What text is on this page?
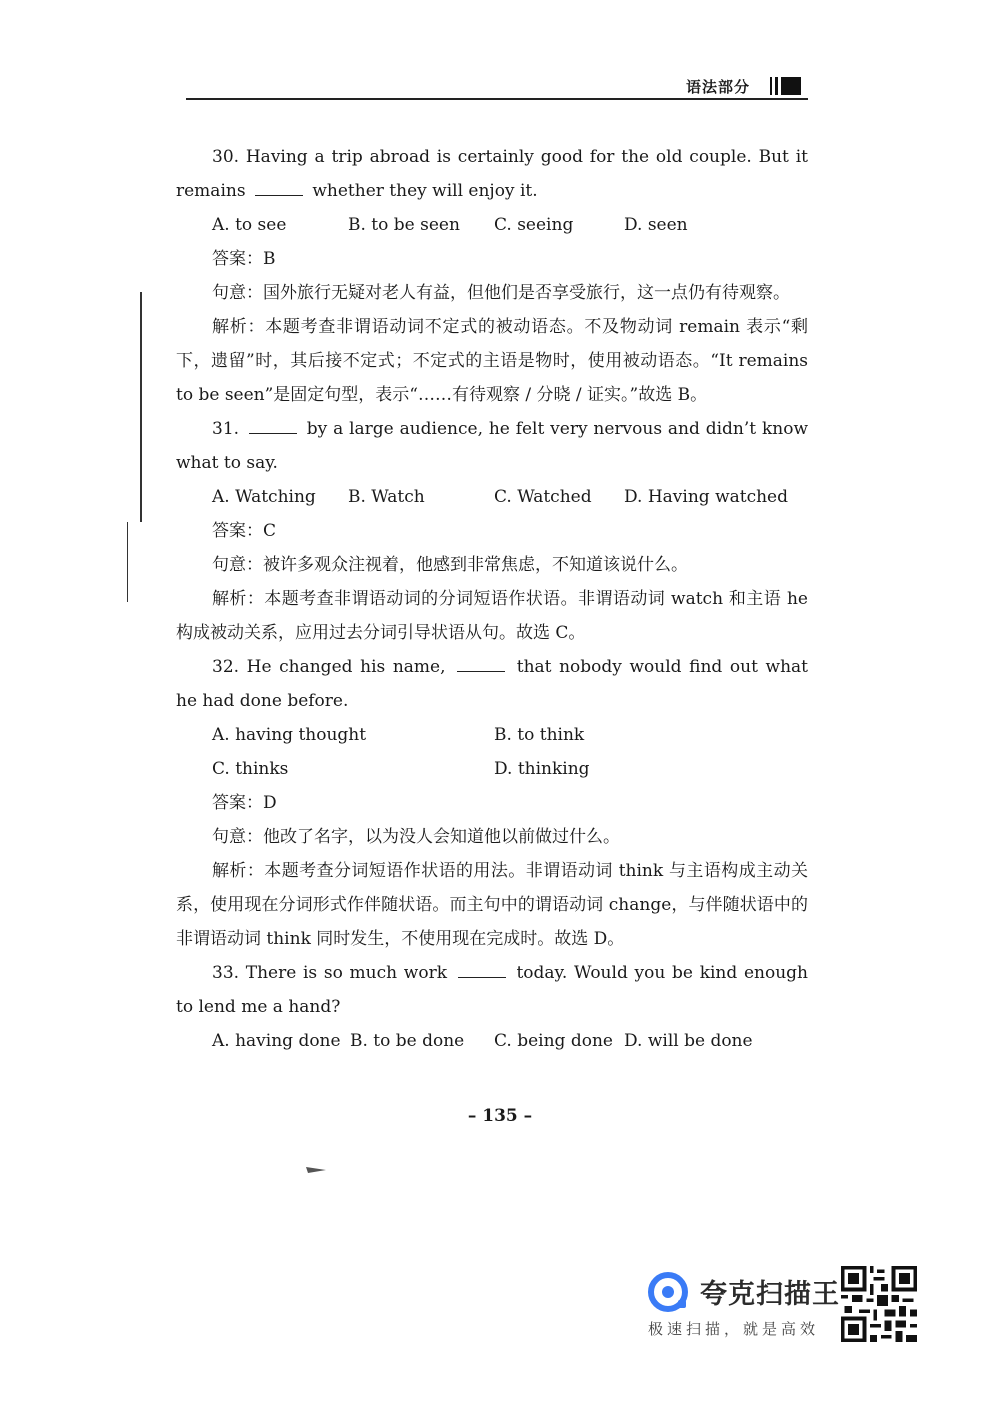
语法部分

30. Having a trip abroad is certainly good for the old couple. But it remains	whether they will enjoy it.

A. to see	B. to be seen C. seeing	D. seen

答案：B

句意：国外旅行无疑对老人有益，但他们是否享受旅行，这一点仍有待观察。

解析：本题考查非谓语动词不定式的被动语态。不及物动词 remain 表示“剩下，遗留”时，其后接不定式；不定式的主语是物时，使用被动语态。“It remains to be seen”是固定句型，表示“……有待观察 / 分晓 / 证实。”故选 B。

31.	by a large audience, he felt very nervous and didn’t know what to say.

A. Watching B. Watch	C. Watched D. Having watched

答案：C

句意：被许多观众注视着，他感到非常焦虑，不知道该说什么。

解析：本题考查非谓语动词的分词短语作状语。非谓语动词 watch 和主语 he 构成被动关系，应用过去分词引导状语从句。故选 C。

32. He changed his name,	that nobody would find out what he had done before.

A. having thought	B. to think
C. thinks	D. thinking

答案：D

句意：他改了名字，以为没人会知道他以前做过什么。

解析：本题考查分词短语作状语的用法。非谓语动词 think 与主语构成主动关系，使用现在分词形式作伴随状语。而主句中的谓语动词 change，与伴随状语中的非谓语动词 think 同时发生，不使用现在完成时。故选 D。

33. There is so much work	today. Would you be kind enough to lend me a hand?

A. having done B. to be done C. being done D. will be done
– 135 –
夸克扫描王
极速扫描，就是高效
